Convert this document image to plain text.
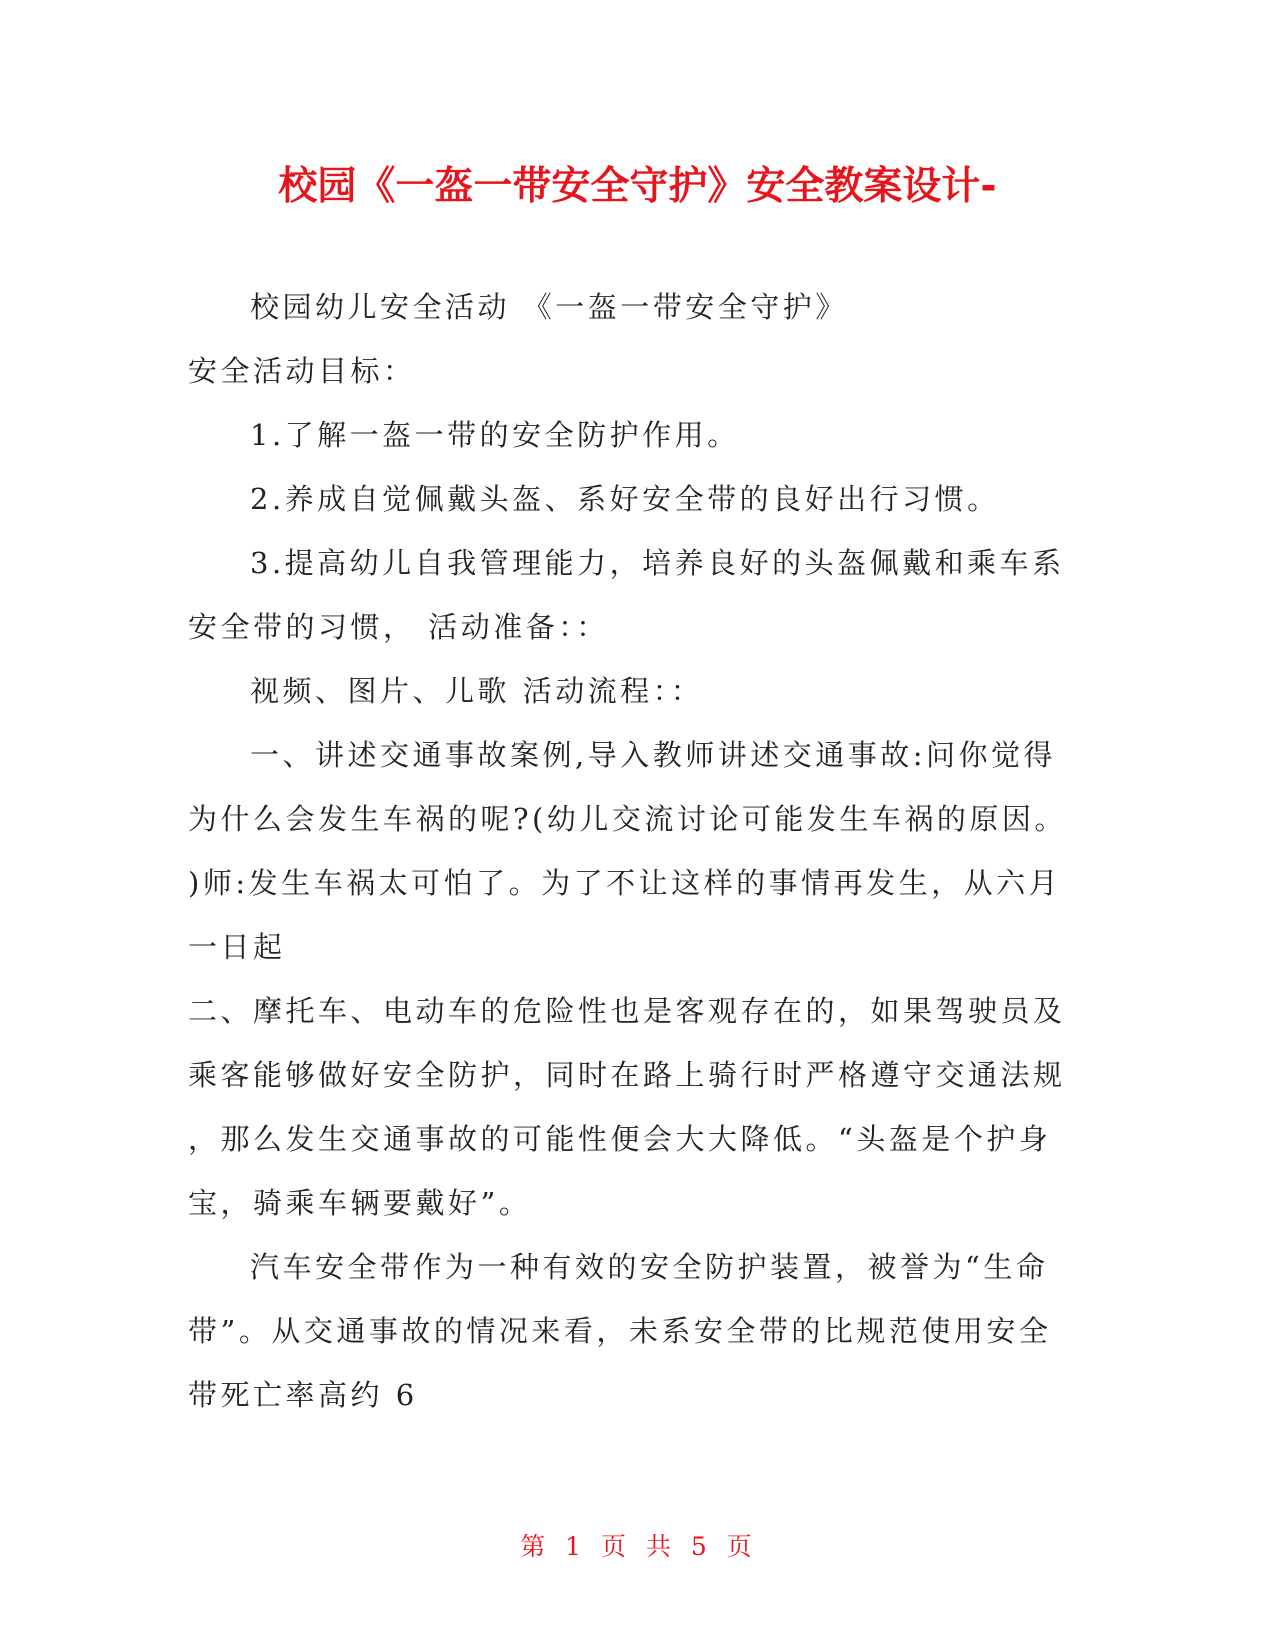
校园《一盔一带安全守护》安全教案设计-
校园幼儿安全活动 《一盔一带安全守护》
安全活动目标：
1.了解一盔一带的安全防护作用。
2.养成自觉佩戴头盔、系好安全带的良好出行习惯。
3.提高幼儿自我管理能力，培养良好的头盔佩戴和乘车系
安全带的习惯， 活动准备：：
视频、图片、儿歌 活动流程：：
一、讲述交通事故案例,导入教师讲述交通事故:问你觉得
为什么会发生车祸的呢?(幼儿交流讨论可能发生车祸的原因。
)师:发生车祸太可怕了。为了不让这样的事情再发生，从六月
一日起
二、摩托车、电动车的危险性也是客观存在的，如果驾驶员及
乘客能够做好安全防护，同时在路上骑行时严格遵守交通法规
，那么发生交通事故的可能性便会大大降低。“头盔是个护身
宝，骑乘车辆要戴好”。
汽车安全带作为一种有效的安全防护装置，被誉为“生命
带”。从交通事故的情况来看，未系安全带的比规范使用安全
带死亡率高约 6
第 1 页 共 5 页
